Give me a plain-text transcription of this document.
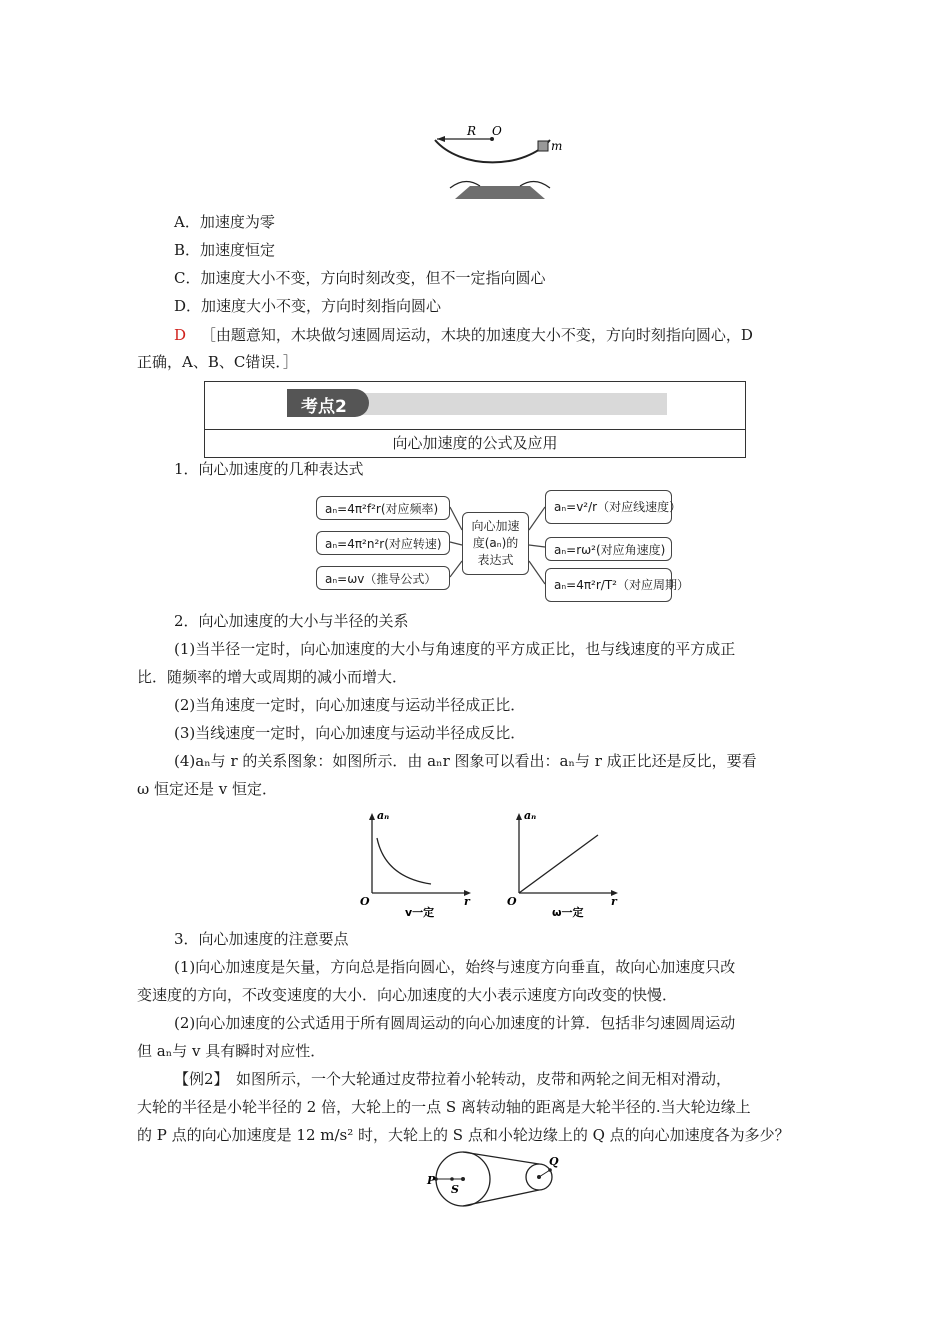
R O
m
A．加速度为零
B．加速度恒定
C．加速度大小不变，方向时刻改变，但不一定指向圆心
D．加速度大小不变，方向时刻指向圆心
D ［由题意知，木块做匀速圆周运动，木块的加速度大小不变，方向时刻指向圆心，D
正确，A、B、C错误．］
考点2
向心加速度的公式及应用
1．向心加速度的几种表达式
aₙ=4π²f²r(对应频率)
aₙ=4π²n²r(对应转速)
aₙ=ωv（推导公式）
向心加速
度(aₙ)的
表达式
aₙ=v²/r（对应线速度）
aₙ=rω²(对应角速度)
aₙ=4π²r/T²（对应周期）
2．向心加速度的大小与半径的关系
(1)当半径一定时，向心加速度的大小与角速度的平方成正比，也与线速度的平方成正
比．随频率的增大或周期的减小而增大．
(2)当角速度一定时，向心加速度与运动半径成正比．
(3)当线速度一定时，向心加速度与运动半径成反比．
(4)aₙ与 r 的关系图象：如图所示．由 aₙr 图象可以看出：aₙ与 r 成正比还是反比，要看
ω 恒定还是 v 恒定．
aₙ
r
O
v一定
aₙ
r
O
ω一定
3．向心加速度的注意要点
(1)向心加速度是矢量，方向总是指向圆心，始终与速度方向垂直，故向心加速度只改
变速度的方向，不改变速度的大小．向心加速度的大小表示速度方向改变的快慢．
(2)向心加速度的公式适用于所有圆周运动的向心加速度的计算．包括非匀速圆周运动
但 aₙ与 v 具有瞬时对应性．
【例2】　如图所示，一个大轮通过皮带拉着小轮转动，皮带和两轮之间无相对滑动，
大轮的半径是小轮半径的 2 倍，大轮上的一点 S 离转动轴的距离是大轮半径的.当大轮边缘上
的 P 点的向心加速度是 12 m/s² 时，大轮上的 S 点和小轮边缘上的 Q 点的向心加速度各为多少？
P
S
Q
